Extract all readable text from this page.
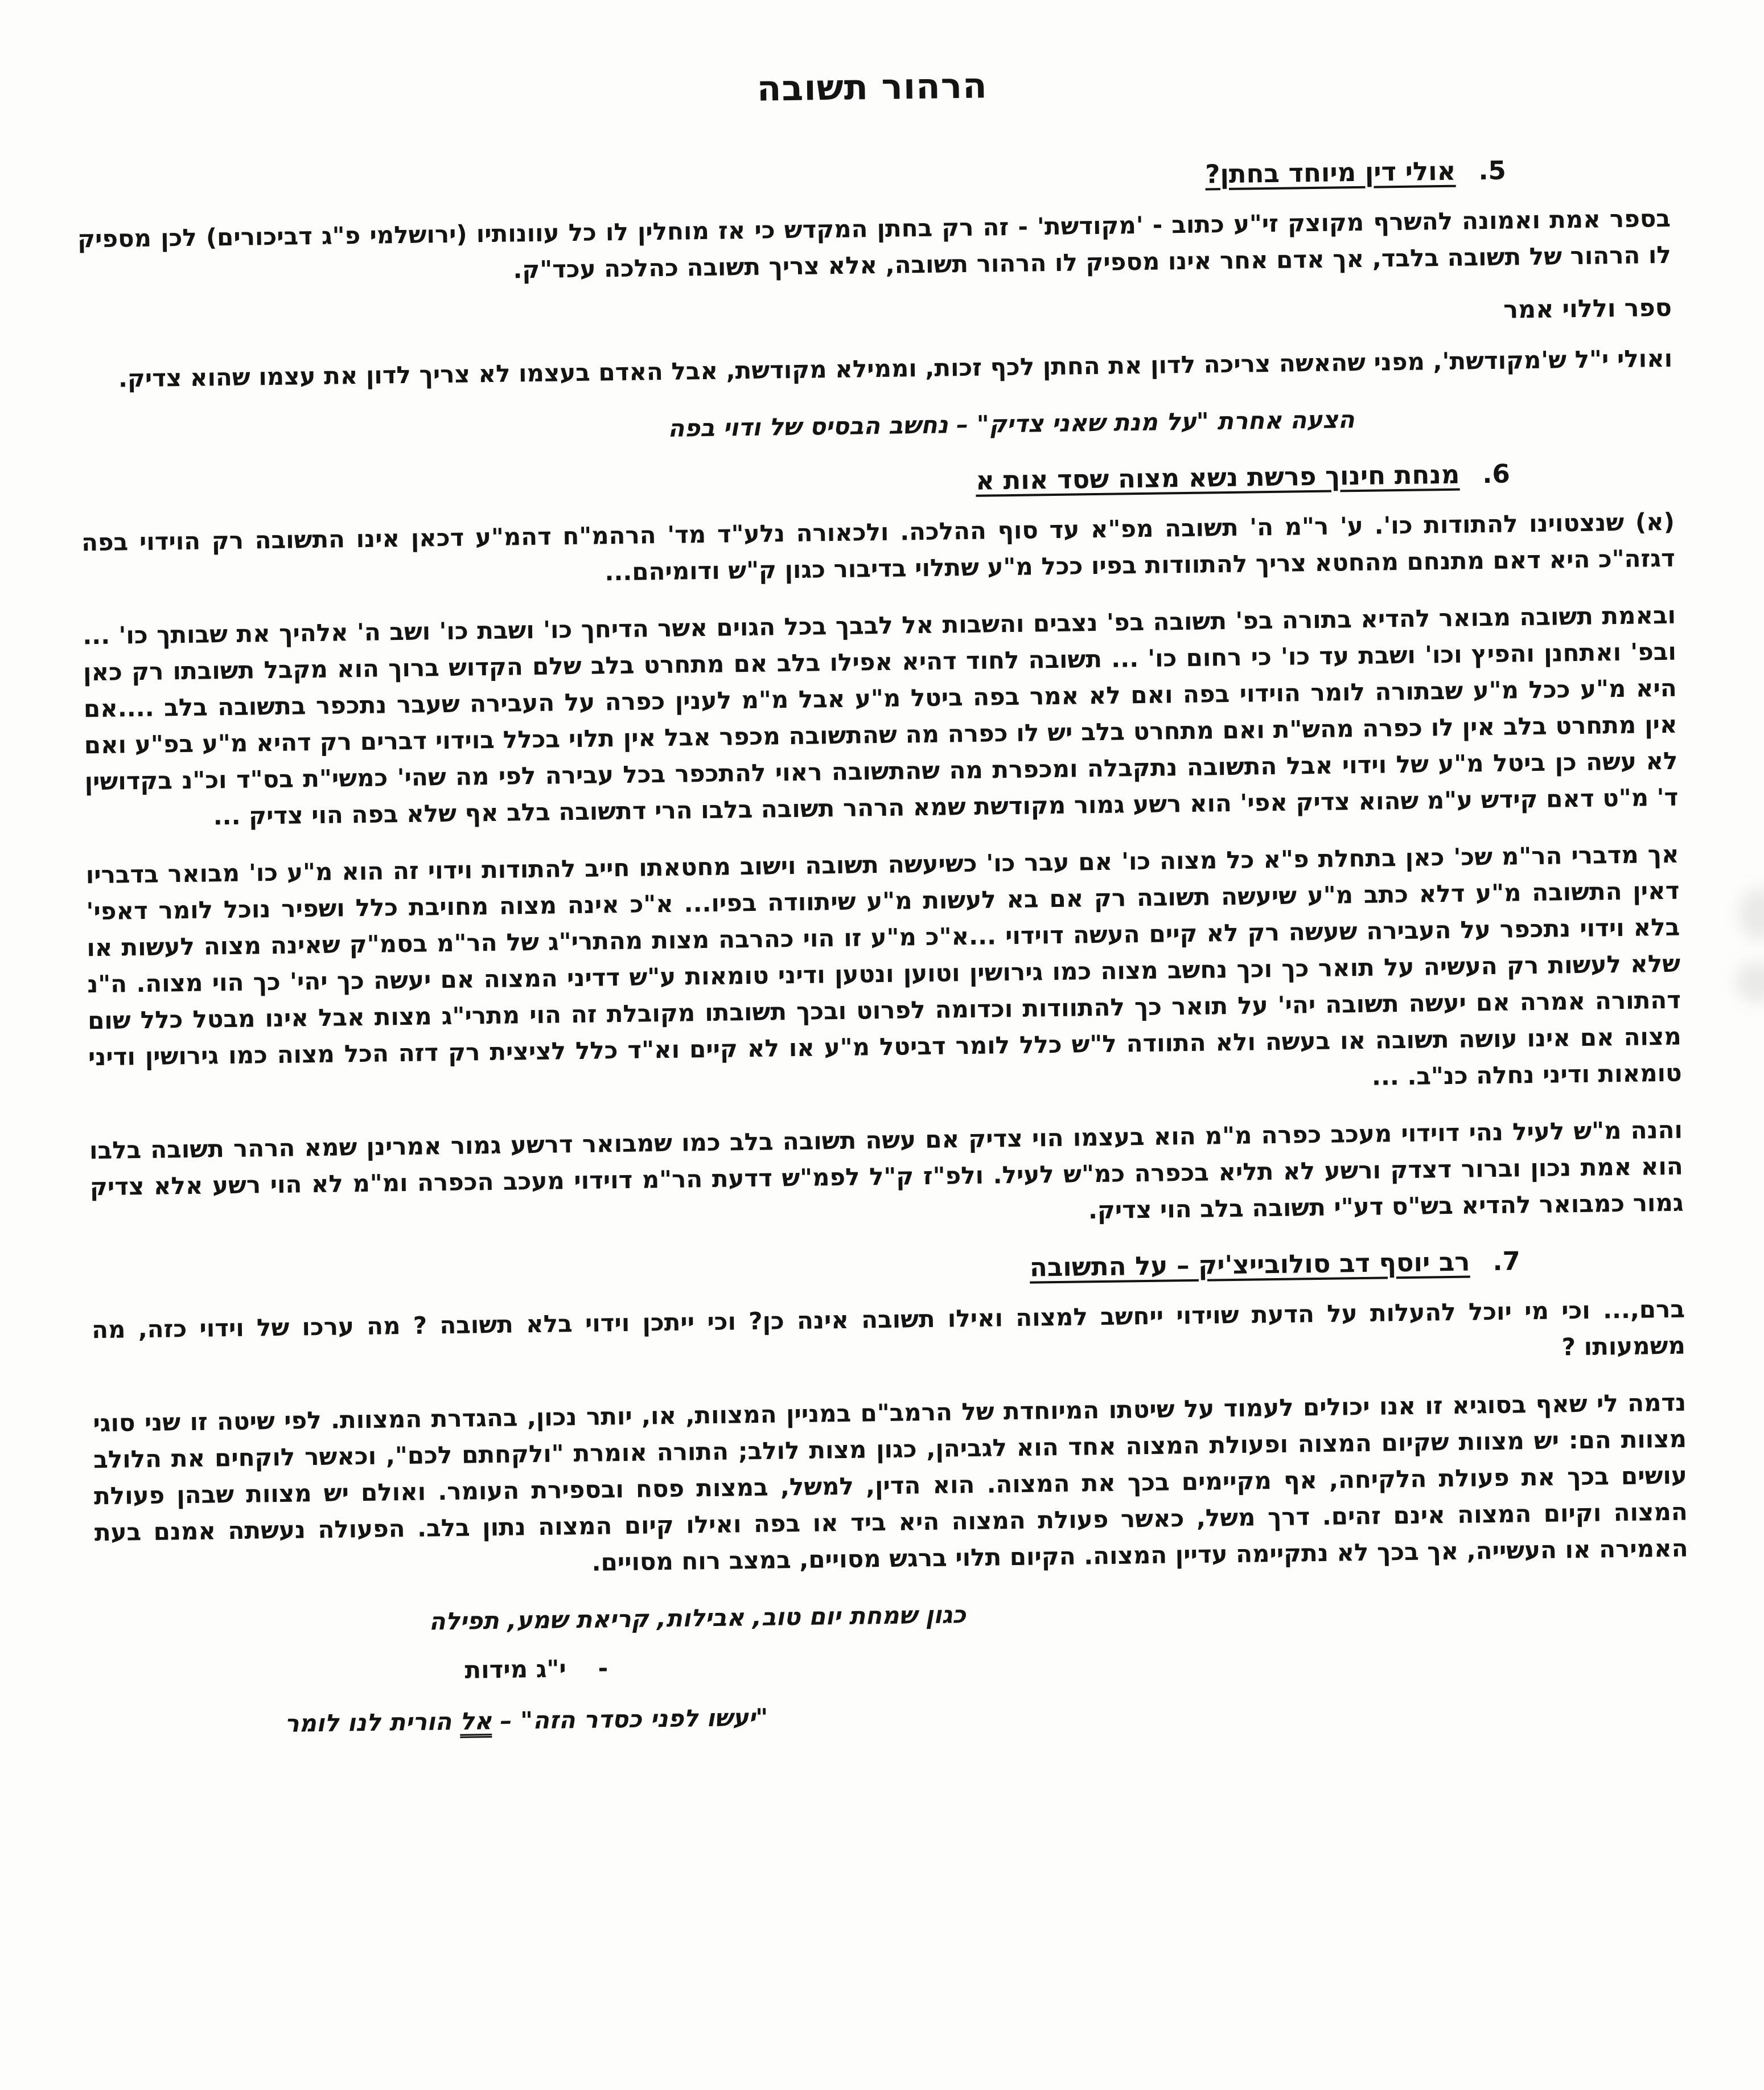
הרהור תשובה
5.אולי דין מיוחד בחתן?

בספר אמת ואמונה להשרף מקוצק זי"ע כתוב - 'מקודשת' - זה רק בחתן המקדש כי אז מוחלין לו כל עוונותיו (ירושלמי פ"ג דביכורים) לכן מספיק לו הרהור של תשובה בלבד, אך אדם אחר אינו מספיק לו הרהור תשובה, אלא צריך תשובה כהלכה עכד"ק.

ספר וללוי אמר

ואולי י"ל ש'מקודשת', מפני שהאשה צריכה לדון את החתן לכף זכות, וממילא מקודשת, אבל האדם בעצמו לא צריך לדון את עצמו שהוא צדיק.

הצעה אחרת "על מנת שאני צדיק" – נחשב הבסיס של ודוי בפה

6.מנחת חינוך פרשת נשא מצוה שסד אות א

(א) שנצטוינו להתודות כו'. ע' ר"מ ה' תשובה מפ"א עד סוף ההלכה. ולכאורה נלע"ד מד' הרהמ"ח דהמ"ע דכאן אינו התשובה רק הוידוי בפה דגזה"כ היא דאם מתנחם מהחטא צריך להתוודות בפיו ככל מ"ע שתלוי בדיבור כגון ק"ש ודומיהם...

ובאמת תשובה מבואר להדיא בתורה בפ' תשובה בפ' נצבים והשבות אל לבבך בכל הגוים אשר הדיחך כו' ושבת כו' ושב ה' אלהיך את שבותך כו' ... ובפ' ואתחנן והפיץ וכו' ושבת עד כו' כי רחום כו' ... תשובה לחוד דהיא אפילו בלב אם מתחרט בלב שלם הקדוש ברוך הוא מקבל תשובתו רק כאן היא מ"ע ככל מ"ע שבתורה לומר הוידוי בפה ואם לא אמר בפה ביטל מ"ע אבל מ"מ לענין כפרה על העבירה שעבר נתכפר בתשובה בלב ....אם אין מתחרט בלב אין לו כפרה מהש"ת ואם מתחרט בלב יש לו כפרה מה שהתשובה מכפר אבל אין תלוי בכלל בוידוי דברים רק דהיא מ"ע בפ"ע ואם לא עשה כן ביטל מ"ע של וידוי אבל התשובה נתקבלה ומכפרת מה שהתשובה ראוי להתכפר בכל עבירה לפי מה שהי' כמשי"ת בס"ד וכ"נ בקדושין ד' מ"ט דאם קידש ע"מ שהוא צדיק אפי' הוא רשע גמור מקודשת שמא הרהר תשובה בלבו הרי דתשובה בלב אף שלא בפה הוי צדיק ...

אך מדברי הר"מ שכ' כאן בתחלת פ"א כל מצוה כו' אם עבר כו' כשיעשה תשובה וישוב מחטאתו חייב להתודות וידוי זה הוא מ"ע כו' מבואר בדבריו דאין התשובה מ"ע דלא כתב מ"ע שיעשה תשובה רק אם בא לעשות מ"ע שיתוודה בפיו... א"כ אינה מצוה מחויבת כלל ושפיר נוכל לומר דאפי' בלא וידוי נתכפר על העבירה שעשה רק לא קיים העשה דוידוי ...א"כ מ"ע זו הוי כהרבה מצות מהתרי"ג של הר"מ בסמ"ק שאינה מצוה לעשות או שלא לעשות רק העשיה על תואר כך וכך נחשב מצוה כמו גירושין וטוען ונטען ודיני טומאות ע"ש דדיני המצוה אם יעשה כך יהי' כך הוי מצוה. ה"נ דהתורה אמרה אם יעשה תשובה יהי' על תואר כך להתוודות וכדומה לפרוט ובכך תשובתו מקובלת זה הוי מתרי"ג מצות אבל אינו מבטל כלל שום מצוה אם אינו עושה תשובה או בעשה ולא התוודה ל"ש כלל לומר דביטל מ"ע או לא קיים וא"ד כלל לציצית רק דזה הכל מצוה כמו גירושין ודיני טומאות ודיני נחלה כנ"ב. ...

והנה מ"ש לעיל נהי דוידוי מעכב כפרה מ"מ הוא בעצמו הוי צדיק אם עשה תשובה בלב כמו שמבואר דרשע גמור אמרינן שמא הרהר תשובה בלבו הוא אמת נכון וברור דצדק ורשע לא תליא בכפרה כמ"ש לעיל. ולפ"ז ק"ל לפמ"ש דדעת הר"מ דוידוי מעכב הכפרה ומ"מ לא הוי רשע אלא צדיק גמור כמבואר להדיא בש"ס דע"י תשובה בלב הוי צדיק.

7.רב יוסף דב סולובייצ'יק – על התשובה

ברם,... וכי מי יוכל להעלות על הדעת שוידוי ייחשב למצוה ואילו תשובה אינה כן? וכי ייתכן וידוי בלא תשובה ? מה ערכו של וידוי כזה, מה משמעותו ?

נדמה לי שאף בסוגיא זו אנו יכולים לעמוד על שיטתו המיוחדת של הרמב"ם במניין המצוות, או, יותר נכון, בהגדרת המצוות. לפי שיטה זו שני סוגי מצוות הם: יש מצוות שקיום המצוה ופעולת המצוה אחד הוא לגביהן, כגון מצות לולב; התורה אומרת "ולקחתם לכם", וכאשר לוקחים את הלולב עושים בכך את פעולת הלקיחה, אף מקיימים בכך את המצוה. הוא הדין, למשל, במצות פסח ובספירת העומר. ואולם יש מצוות שבהן פעולת המצוה וקיום המצוה אינם זהים. דרך משל, כאשר פעולת המצוה היא ביד או בפה ואילו קיום המצוה נתון בלב. הפעולה נעשתה אמנם בעת האמירה או העשייה, אך בכך לא נתקיימה עדיין המצוה. הקיום תלוי ברגש מסויים, במצב רוח מסויים.

כגון שמחת יום טוב, אבילות, קריאת שמע, תפילה

-י"ג מידות

"יעשו לפני כסדר הזה" – אל הורית לנו לומר
